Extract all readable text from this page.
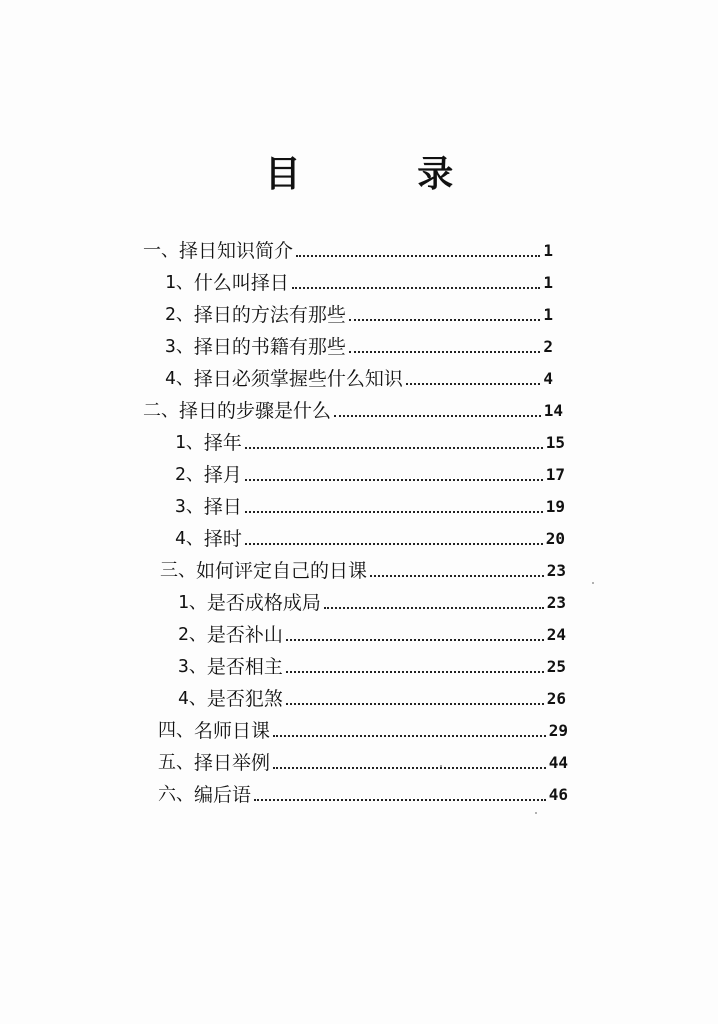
目 录
一、 择日知识简介	1
1、 什么叫择日	1
2、 择日的方法有那些	1
3、 择日的书籍有那些	2
4、 择日必须掌握些什么知识	4
二、 择日的步骤是什么	14
1、 择年	15
2、 择月	17
3、 择日	19
4、 择时	20
三、 如何评定自己的日课	23
1、 是否成格成局	23
2、 是否补山	24
3、 是否相主	25
4、 是否犯煞	26
四、 名师日课	29
五、 择日举例	44
六、 编后语	46
